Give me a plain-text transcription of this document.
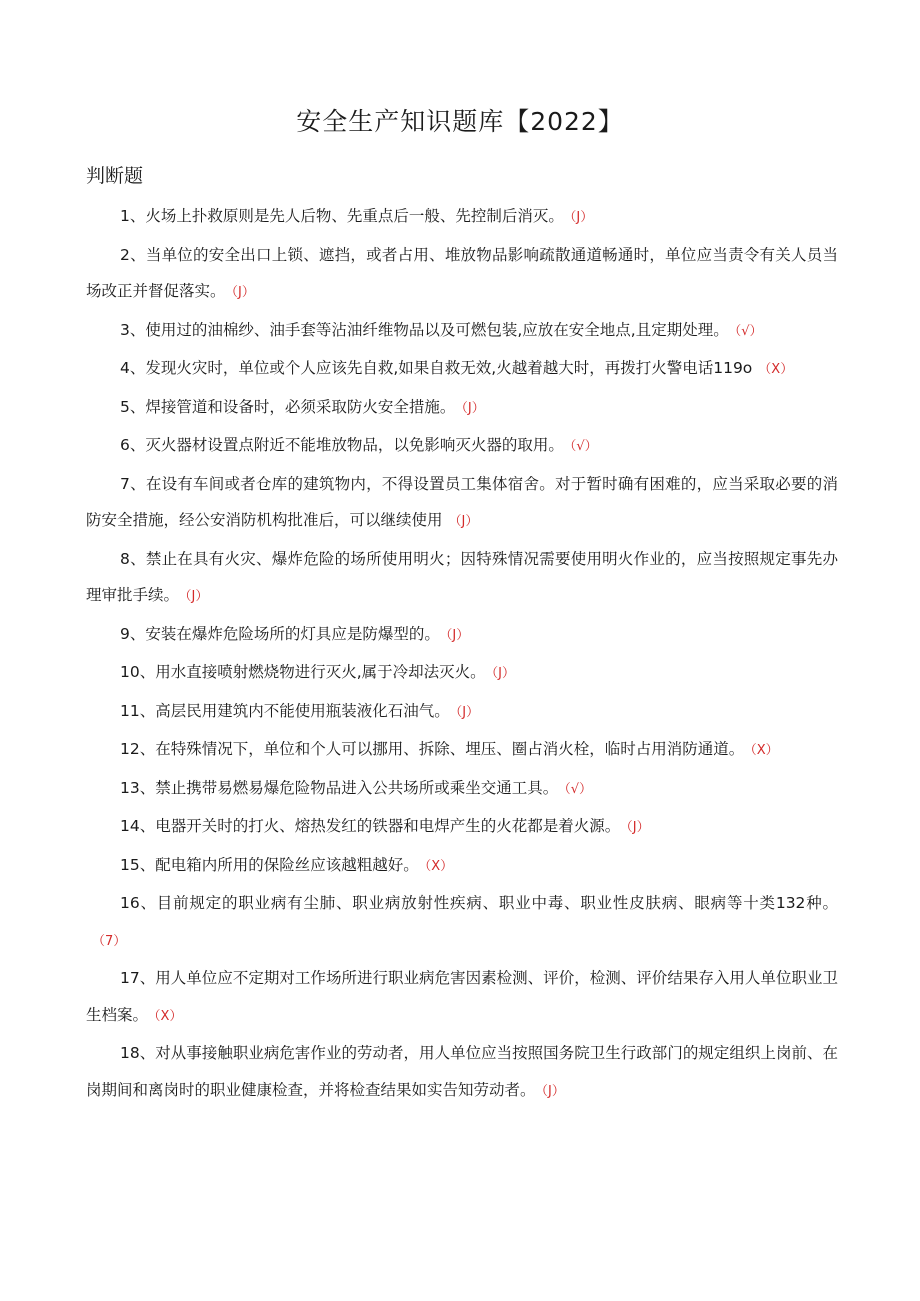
安全生产知识题库【2022】
判断题

1、火场上扑救原则是先人后物、先重点后一般、先控制后消灭。 （J）

2、当单位的安全出口上锁、遮挡，或者占用、堆放物品影响疏散通道畅通时，单位应当责令有关人员当场改正并督促落实。 （J）

3、使用过的油棉纱、油手套等沾油纤维物品以及可燃包装,应放在安全地点,且定期处理。 （√）

4、发现火灾时，单位或个人应该先自救,如果自救无效,火越着越大时，再拨打火警电话119o （X）

5、焊接管道和设备时，必须采取防火安全措施。 （J）

6、灭火器材设置点附近不能堆放物品，以免影响灭火器的取用。 （√）

7、在设有车间或者仓库的建筑物内，不得设置员工集体宿舍。对于暂时确有困难的，应当采取必要的消防安全措施，经公安消防机构批准后，可以继续使用 （J）

8、禁止在具有火灾、爆炸危险的场所使用明火；因特殊情况需要使用明火作业的，应当按照规定事先办理审批手续。 （J）

9、安装在爆炸危险场所的灯具应是防爆型的。 （J）

10、用水直接喷射燃烧物进行灭火,属于冷却法灭火。 （J）

11、高层民用建筑内不能使用瓶装液化石油气。 （J）

12、在特殊情况下，单位和个人可以挪用、拆除、埋压、圈占消火栓，临时占用消防通道。 （X）

13、禁止携带易燃易爆危险物品进入公共场所或乘坐交通工具。 （√）

14、电器开关时的打火、熔热发红的铁器和电焊产生的火花都是着火源。 （J）

15、配电箱内所用的保险丝应该越粗越好。 （X）

16、目前规定的职业病有尘肺、职业病放射性疾病、职业中毒、职业性皮肤病、眼病等十类132种。（7）

17、用人单位应不定期对工作场所进行职业病危害因素检测、评价，检测、评价结果存入用人单位职业卫生档案。 （X）

18、对从事接触职业病危害作业的劳动者，用人单位应当按照国务院卫生行政部门的规定组织上岗前、在岗期间和离岗时的职业健康检查，并将检查结果如实告知劳动者。 （J）
